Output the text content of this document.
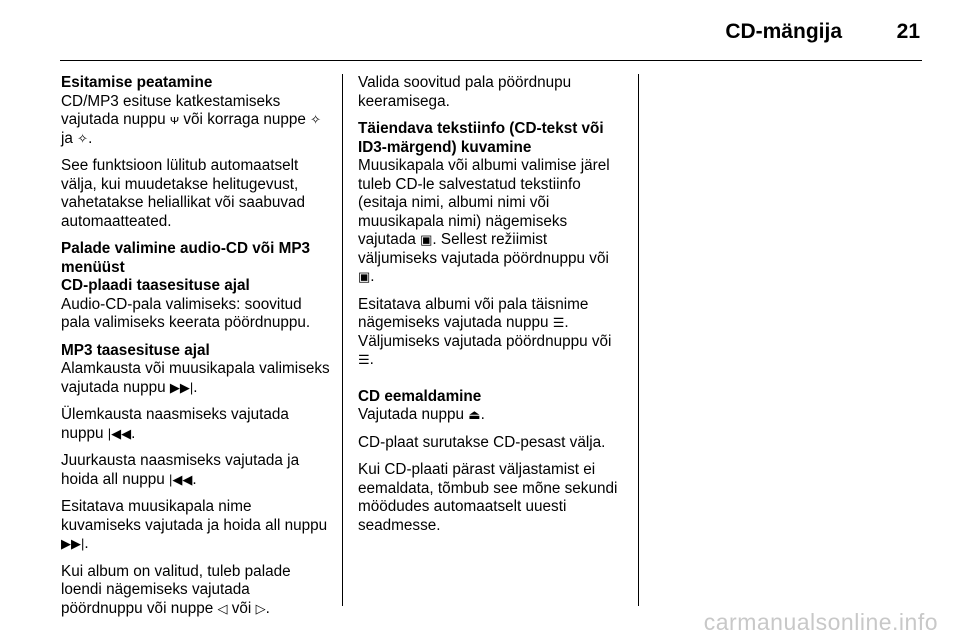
CD-mängija	21
Esitamise peatamine
CD/MP3 esituse katkestamiseks vajutada nuppu ᴪ või korraga nuppe ✧ ja ✧.
See funktsioon lülitub automaatselt välja, kui muudetakse helitugevust, vahetatakse heliallikat või saabuvad automaatteated.
Palade valimine audio-CD või MP3 menüüst
CD-plaadi taasesituse ajal
Audio-CD-pala valimiseks: soovitud pala valimiseks keerata pöördnuppu.
MP3 taasesituse ajal
Alamkausta või muusikapala valimiseks vajutada nuppu ▶▶|.
Ülemkausta naasmiseks vajutada nuppu |◀◀.
Juurkausta naasmiseks vajutada ja hoida all nuppu |◀◀.
Esitatava muusikapala nime kuvamiseks vajutada ja hoida all nuppu ▶▶|.
Kui album on valitud, tuleb palade loendi nägemiseks vajutada pöördnuppu või nuppe ◁ või ▷.
Valida soovitud pala pöördnupu keeramisega.
Täiendava tekstiinfo (CD-tekst või ID3-märgend) kuvamine
Muusikapala või albumi valimise järel tuleb CD-le salvestatud tekstiinfo (esitaja nimi, albumi nimi või muusikapala nimi) nägemiseks vajutada ▣. Sellest režiimist väljumiseks vajutada pöördnuppu või ▣.
Esitatava albumi või pala täisnime nägemiseks vajutada nuppu ☰. Väljumiseks vajutada pöördnuppu või ☰.
CD eemaldamine
Vajutada nuppu ⏏.
CD-plaat surutakse CD-pesast välja.
Kui CD-plaati pärast väljastamist ei eemaldata, tõmbub see mõne sekundi möödudes automaatselt uuesti seadmesse.
carmanualsonline.info
